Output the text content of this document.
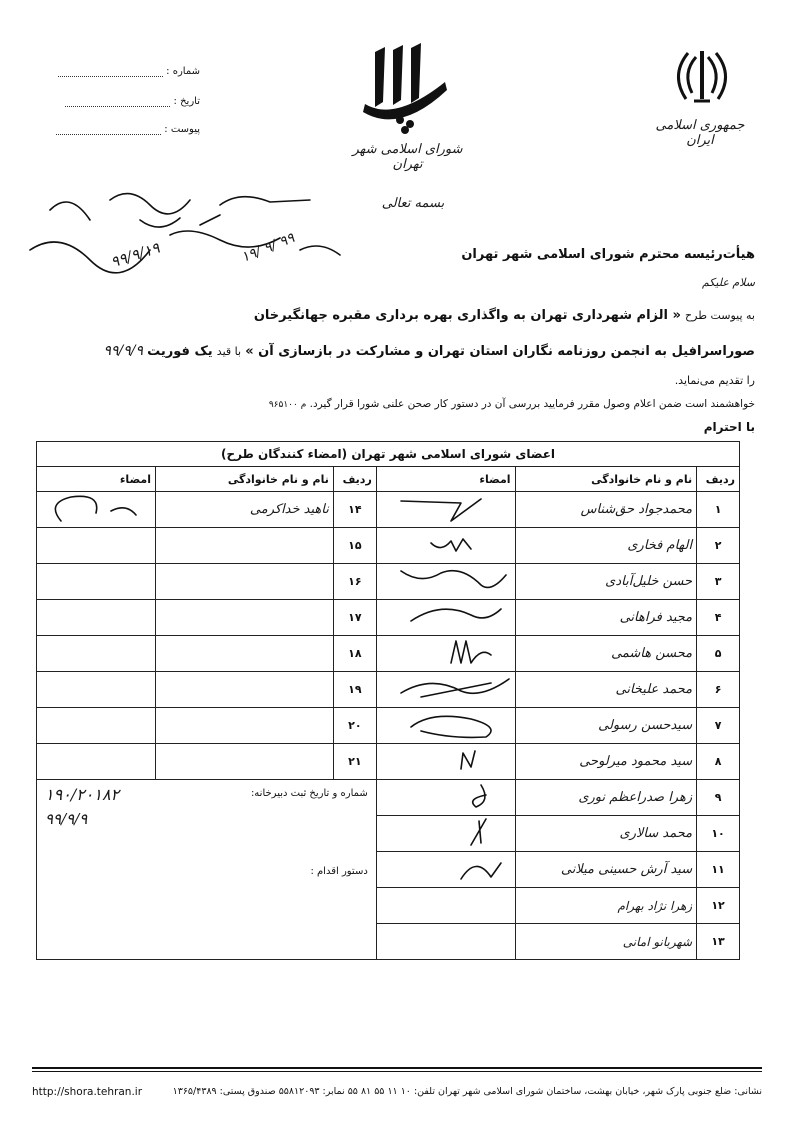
شماره :
تاریخ :
پیوست :
شورای اسلامی شهر تهران
جمهوری اسلامی ایران
بسمه تعالی
۹۹/۹/۱۹	۱۹/ ۹/ ۹۹	هیأت‌رئیسه محترم شورای اسلامی شهر تهران
سلام علیکم
به پیوست طرح « الزام شهرداری تهران به واگذاری بهره برداری مقبره جهانگیرخان
صوراسرافیل به انجمن روزنامه نگاران استان تهران و مشارکت در بازسازی آن » با قید یک فوریت ۹۹/۹/۹
را تقدیم می‌نماید.
خواهشمند است ضمن اعلام وصول مقرر فرمایید بررسی آن در دستور کار صحن علنی شورا قرار گیرد. م ۹۶۵۱۰۰
با احترام
اعضای شورای اسلامی شهر تهران (امضاء کنندگان طرح)					
ردیف	نام و نام خانوادگی	امضاء	ردیف	نام و نام خانوادگی	امضاء
۱	محمدجواد حق‌شناس		۱۴	ناهید خداکرمی	
۲	الهام فخاری		۱۵		
۳	حسن خلیل‌آبادی		۱۶		
۴	مجید فراهانی		۱۷		
۵	محسن هاشمی		۱۸		
۶	محمد علیخانی		۱۹		
۷	سیدحسن رسولی		۲۰		
۸	سید محمود میرلوحی		۲۱		
۹	زهرا صدراعظم نوری		شماره و تاریخ ثبت دبیرخانه:
۱۹۰/۲۰۱۸۲
۹۹/۹/۹
دستور اقدام :		

۱۰	محمد سالاری	
۱۱	سید آرش حسینی میلانی	
۱۲	زهرا نژاد بهرام				
۱۳	شهربانو امانی				
http://shora.tehran.ir	نشانی: ضلع جنوبی پارک شهر، خیابان بهشت، ساختمان شورای اسلامی شهر تهران تلفن: ۱۰ ۱۱ ۵۵ ۸۱ ۵۵ نمابر: ۵۵۸۱۲۰۹۳ صندوق پستی: ۱۳۶۵/۴۳۸۹
